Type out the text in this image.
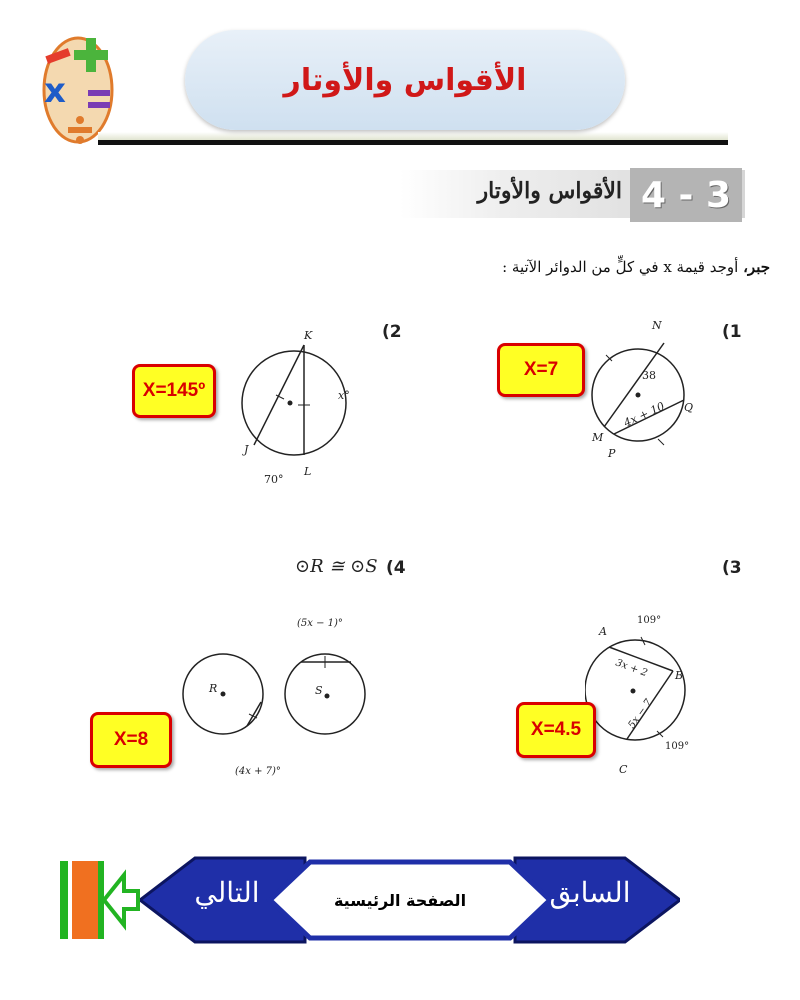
x	الأقواس والأوتار
4 - 3
الأقواس والأوتار
جبر، أوجد قيمة x في كلٍّ من الدوائر الآتية :
(1
(2
(3
(4
⊙R ≅ ⊙S
N
Q
M
P
38
4x + 10
K
x°
J
L
70°
A
B
C
109°
109°
3x + 2
5x − 7
R	S
(5x − 1)°
(4x + 7)°
X=7
X=145º
X=4.5
X=8
التالي	السابق
الصفحة الرئيسية
